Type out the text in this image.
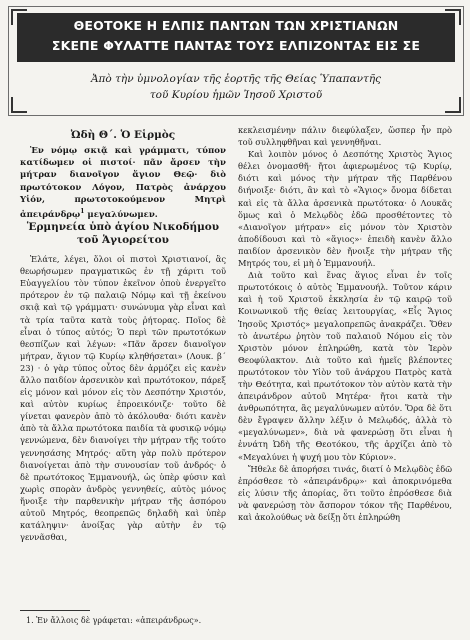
ΘΕΟΤΟΚΕ Η ΕΛΠΙΣ ΠΑΝΤΩΝ ΤΩΝ ΧΡΙΣΤΙΑΝΩΝ
ΣΚΕΠΕ ΦΥΛΑΤΤΕ ΠΑΝΤΑΣ ΤΟΥΣ ΕΛΠΙΖΟΝΤΑΣ ΕΙΣ ΣΕ
Ἀπὸ τὴν ὑμνολογίαν τῆς ἑορτῆς τῆς Θείας Ὑπαπαντῆς
τοῦ Κυρίου ἡμῶν Ἰησοῦ Χριστοῦ
Ὠδὴ Θ΄. Ὁ Εἱρμὸς

Ἐν νόμῳ σκιᾷ καὶ γράμματι, τύπον κατίδωμεν οἱ πιστοί· πᾶν ἄρσεν τὴν μήτραν διανοῖγον ἅγιον Θεῷ· διὸ πρωτότοκον Λόγον, Πατρὸς ἀνάρχου Υἱόν, πρωτοτοκούμενον Μητρὶ ἀπειράνδρῳ$^1$ μεγαλύνωμεν.

Ἑρμηνεία ὑπὸ ἁγίου Νικοδήμου
τοῦ Ἁγιορείτου

Ἐλάτε, λέγει, ὅλοι οἱ πιστοὶ Χριστιανοί, ἂς θεωρήσωμεν πραγματικῶς ἐν τῇ χάριτι τοῦ Εὐαγγελίου τὸν τύπον ἐκεῖνον ὁποὺ ἐνεργεῖτο πρότερον ἐν τῷ παλαιῷ Νόμῳ καὶ τῇ ἐκείνου σκιᾷ καὶ τῷ γράμματι· συνώνυμα γὰρ εἶναι καὶ τὰ τρία ταῦτα κατὰ τοὺς ῥήτορας. Ποῖος δὲ εἶναι ὁ τύπος αὐτός; Ὁ περὶ τῶν πρωτοτόκων θεσπίζων καὶ λέγων: «Πᾶν ἄρσεν διανοῖγον μήτραν, ἅγιον τῷ Κυρίῳ κληθήσεται» (Λουκ. β΄ 23) · ὁ γὰρ τύπος οὗτος δὲν ἁρμόζει εἰς κανὲν ἄλλο παιδίον ἀρσενικὸν καὶ πρωτότοκον, πάρεξ εἰς μόνον καὶ μόνον εἰς τὸν Δεσπότην Χριστόν, καὶ αὐτὸν κυρίως ἐπροεικόνιζε· τοῦτο δὲ γίνεται φανερὸν ἀπὸ τὸ ἀκόλουθα· διότι κανὲν ἀπὸ τὰ ἄλλα πρωτότοκα παιδία τὰ φυσικῷ νόμῳ γεννώμενα, δὲν διανοίγει τὴν μήτραν τῆς τούτο γεννησάσης Μητρός· αὕτη γὰρ πολὺ πρότερον διανοίγεται ἀπὸ τὴν συνουσίαν τοῦ ἀνδρός· ὁ δὲ πρωτότοκος Ἐμμανουήλ, ὡς ὑπὲρ φύσιν καὶ χωρὶς σπορὰν ἀνδρὸς γεννηθείς, αὐτὸς μόνος ἤνοιξε τὴν παρθενικὴν μήτραν τῆς ἀσπόρου αὐτοῦ Μητρός, θεοπρεπῶς δηλαδὴ καὶ ὑπὲρ κατάληψιν· ἀνοίξας γὰρ αὐτὴν ἐν τῷ γεννᾶσθαι,

κεκλεισμένην πάλιν διεφύλαξεν, ὥσπερ ἦν πρὸ τοῦ συλληφθῆναι καὶ γεννηθῆναι.

Καὶ λοιπὸν μόνος ὁ Δεσπότης Χριστὸς Ἅγιος θέλει ὀνομασθῆ· ἤτοι ἀφιερωμένος τῷ Κυρίῳ, διότι καὶ μόνος τὴν μήτραν τῆς Παρθένου διήνοιξε· διότι, ἂν καὶ τὸ «Ἅγιος» ὄνομα δίδεται καὶ εἰς τὰ ἄλλα ἀρσενικὰ πρωτότοκα· ὁ Λουκᾶς ὅμως καὶ ὁ Μελῳδὸς ἐδῶ προσθέτοντες τὸ «Διανοῖγον μήτραν» εἰς μόνον τὸν Χριστὸν ἀποδίδουσι καὶ τὸ «ἅγιος»· ἐπειδὴ κανὲν ἄλλο παιδίον ἀρσενικὸν δὲν ἤνοιξε τὴν μήτραν τῆς Μητρός του, εἰ μὴ ὁ Ἐμμανουήλ.

Διὰ τοῦτο καὶ ἕνας ἅγιος εἶναι ἐν τοῖς πρωτοτόκοις ὁ αὐτὸς Ἐμμανουήλ. Τοῦτον κάριν καὶ ἡ τοῦ Χριστοῦ ἐκκλησία ἐν τῷ καιρῷ τοῦ Κοινωνικοῦ τῆς θείας λειτουργίας, «Εἷς Ἅγιος Ἰησοῦς Χριστός» μεγαλοπρεπῶς ἀνακράζει. Ὅθεν τὸ ἀνωτέρω ῥητὸν τοῦ παλαιοῦ Νόμου εἰς τὸν Χριστὸν μόνον ἐπληρώθη, κατὰ τὸν Ἱερὸν Θεοφύλακτον. Διὰ τοῦτο καὶ ἡμεῖς βλέποντες πρωτότοκον τὸν Υἱὸν τοῦ ἀνάρχου Πατρὸς κατὰ τὴν Θεότητα, καὶ πρωτότοκον τὸν αὐτὸν κατὰ τὴν ἀπειράνδρον αὐτοῦ Μητέρα· ἤτοι κατὰ τὴν ἀνθρωπότητα, ἂς μεγαλύνωμεν αὐτόν. Ὅρα δὲ ὅτι δὲν ἔγραψεν ἄλλην λέξιν ὁ Μελῳδός, ἀλλὰ τὸ «μεγαλύνωμεν», διὰ νὰ φανερώσῃ ὅτι εἶναι ἡ ἐννάτη Ὠδὴ τῆς Θεοτόκου, τῆς ἀρχίζει ἀπὸ τὸ «Μεγαλύνει ἡ ψυχή μου τὸν Κύριον».

Ἤθελε δὲ ἀπορήσει τινάς, διατί ὁ Μελῳδὸς ἐδῶ ἐπρόσθεσε τὸ «ἀπειράνδρῳ»· καὶ ἀποκρινόμεθα εἰς λύσιν τῆς ἀπορίας, ὅτι τοῦτο ἐπρόσθεσε διὰ νὰ φανερώσῃ τὸν ἄσπορον τόκον τῆς Παρθένου, καὶ ἀκολούθως νὰ δείξῃ ὅτι ἐπληρώθη

1. Ἐν ἄλλοις δὲ γράφεται: «ἀπειράνδρως».
